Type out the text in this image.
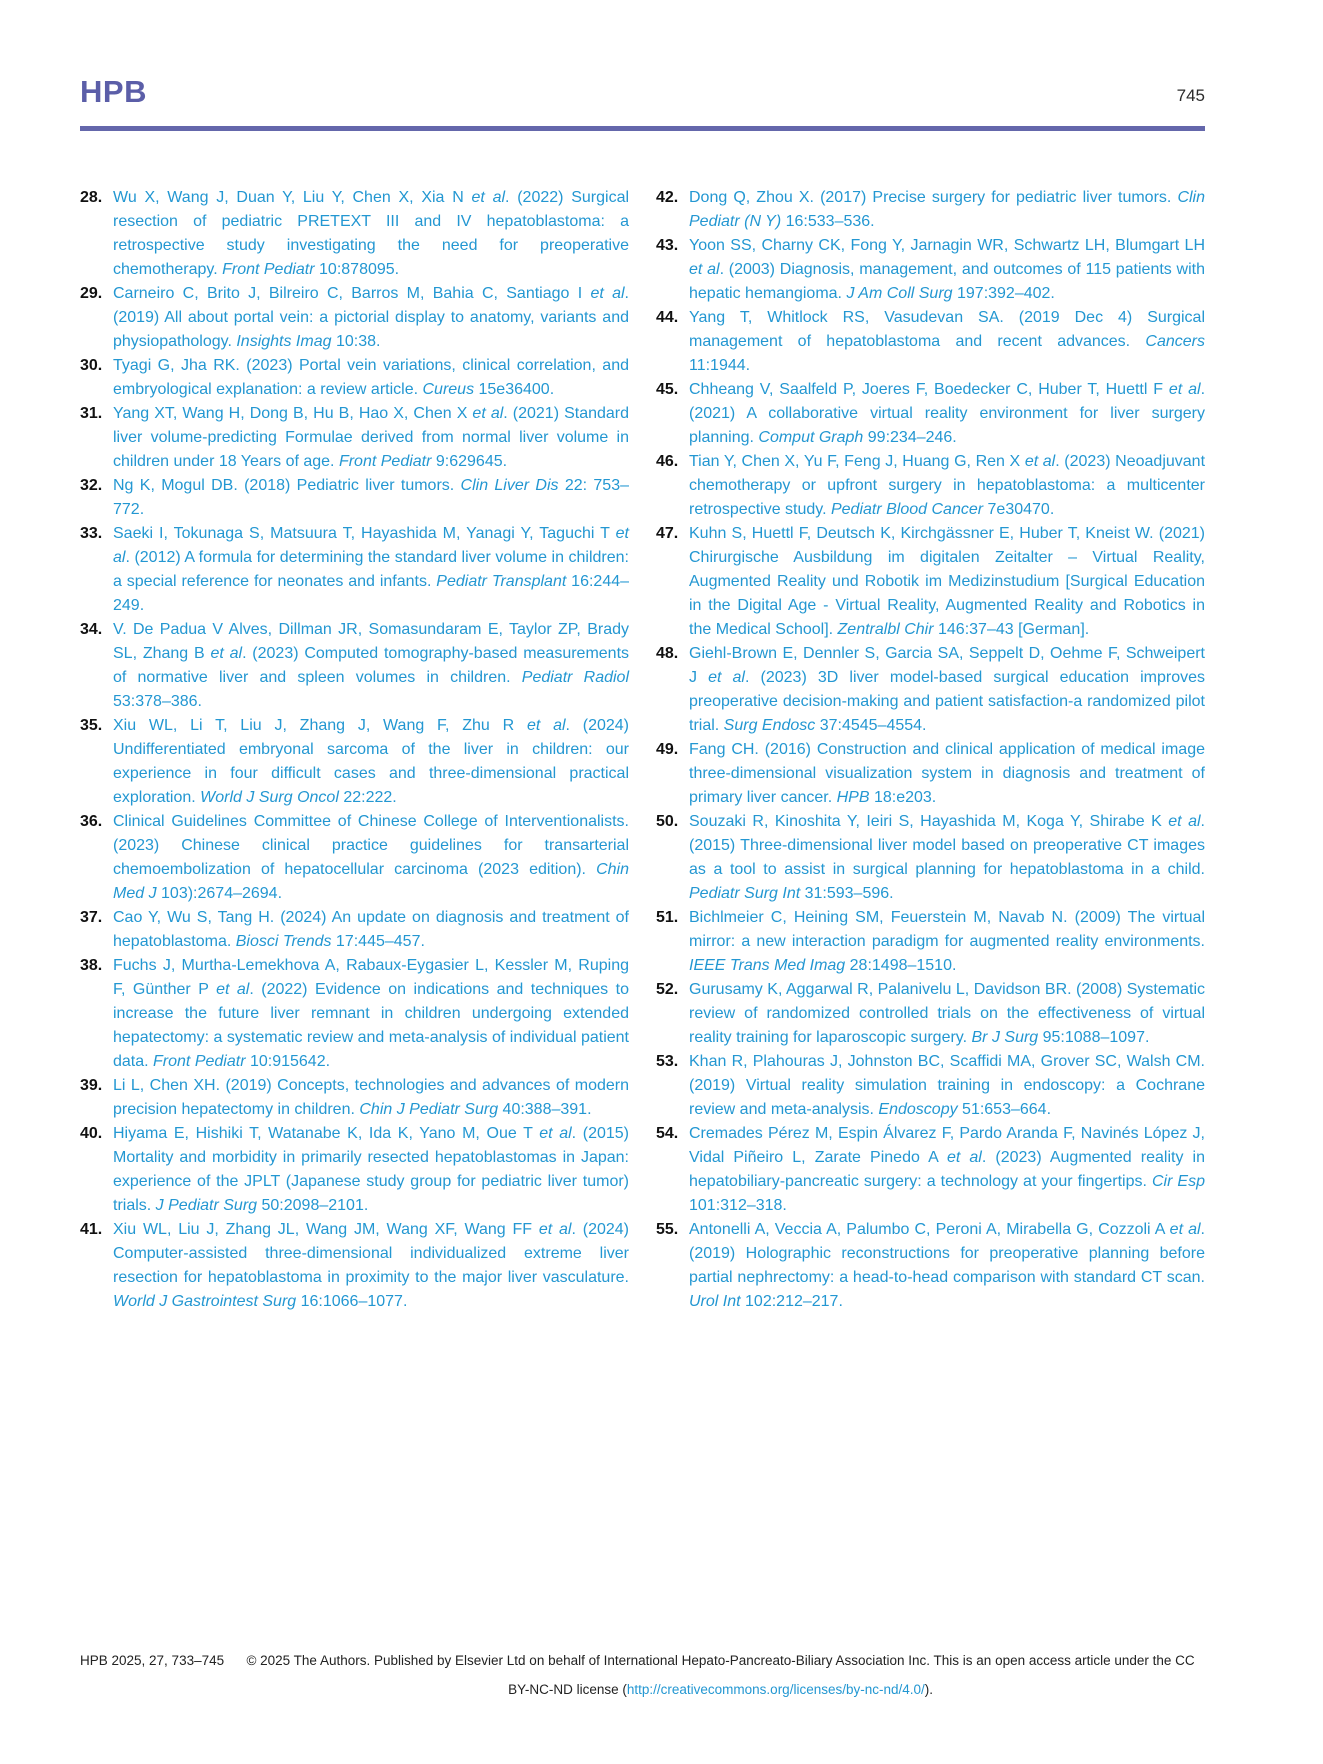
HPB	745
28. Wu X, Wang J, Duan Y, Liu Y, Chen X, Xia N et al. (2022) Surgical resection of pediatric PRETEXT III and IV hepatoblastoma: a retrospective study investigating the need for preoperative chemotherapy. Front Pediatr 10:878095.
29. Carneiro C, Brito J, Bilreiro C, Barros M, Bahia C, Santiago I et al. (2019) All about portal vein: a pictorial display to anatomy, variants and physiopathology. Insights Imag 10:38.
30. Tyagi G, Jha RK. (2023) Portal vein variations, clinical correlation, and embryological explanation: a review article. Cureus 15e36400.
31. Yang XT, Wang H, Dong B, Hu B, Hao X, Chen X et al. (2021) Standard liver volume-predicting Formulae derived from normal liver volume in children under 18 Years of age. Front Pediatr 9:629645.
32. Ng K, Mogul DB. (2018) Pediatric liver tumors. Clin Liver Dis 22: 753–772.
33. Saeki I, Tokunaga S, Matsuura T, Hayashida M, Yanagi Y, Taguchi T et al. (2012) A formula for determining the standard liver volume in children: a special reference for neonates and infants. Pediatr Transplant 16:244–249.
34. V. De Padua V Alves, Dillman JR, Somasundaram E, Taylor ZP, Brady SL, Zhang B et al. (2023) Computed tomography-based measurements of normative liver and spleen volumes in children. Pediatr Radiol 53:378–386.
35. Xiu WL, Li T, Liu J, Zhang J, Wang F, Zhu R et al. (2024) Undifferentiated embryonal sarcoma of the liver in children: our experience in four difficult cases and three-dimensional practical exploration. World J Surg Oncol 22:222.
36. Clinical Guidelines Committee of Chinese College of Interventionalists. (2023) Chinese clinical practice guidelines for transarterial chemoembolization of hepatocellular carcinoma (2023 edition). Chin Med J 103):2674–2694.
37. Cao Y, Wu S, Tang H. (2024) An update on diagnosis and treatment of hepatoblastoma. Biosci Trends 17:445–457.
38. Fuchs J, Murtha-Lemekhova A, Rabaux-Eygasier L, Kessler M, Ruping F, Günther P et al. (2022) Evidence on indications and techniques to increase the future liver remnant in children undergoing extended hepatectomy: a systematic review and meta-analysis of individual patient data. Front Pediatr 10:915642.
39. Li L, Chen XH. (2019) Concepts, technologies and advances of modern precision hepatectomy in children. Chin J Pediatr Surg 40:388–391.
40. Hiyama E, Hishiki T, Watanabe K, Ida K, Yano M, Oue T et al. (2015) Mortality and morbidity in primarily resected hepatoblastomas in Japan: experience of the JPLT (Japanese study group for pediatric liver tumor) trials. J Pediatr Surg 50:2098–2101.
41. Xiu WL, Liu J, Zhang JL, Wang JM, Wang XF, Wang FF et al. (2024) Computer-assisted three-dimensional individualized extreme liver resection for hepatoblastoma in proximity to the major liver vasculature. World J Gastrointest Surg 16:1066–1077.
42. Dong Q, Zhou X. (2017) Precise surgery for pediatric liver tumors. Clin Pediatr (N Y) 16:533–536.
43. Yoon SS, Charny CK, Fong Y, Jarnagin WR, Schwartz LH, Blumgart LH et al. (2003) Diagnosis, management, and outcomes of 115 patients with hepatic hemangioma. J Am Coll Surg 197:392–402.
44. Yang T, Whitlock RS, Vasudevan SA. (2019 Dec 4) Surgical management of hepatoblastoma and recent advances. Cancers 11:1944.
45. Chheang V, Saalfeld P, Joeres F, Boedecker C, Huber T, Huettl F et al. (2021) A collaborative virtual reality environment for liver surgery planning. Comput Graph 99:234–246.
46. Tian Y, Chen X, Yu F, Feng J, Huang G, Ren X et al. (2023) Neoadjuvant chemotherapy or upfront surgery in hepatoblastoma: a multicenter retrospective study. Pediatr Blood Cancer 7e30470.
47. Kuhn S, Huettl F, Deutsch K, Kirchgässner E, Huber T, Kneist W. (2021) Chirurgische Ausbildung im digitalen Zeitalter – Virtual Reality, Augmented Reality und Robotik im Medizinstudium [Surgical Education in the Digital Age - Virtual Reality, Augmented Reality and Robotics in the Medical School]. Zentralbl Chir 146:37–43 [German].
48. Giehl-Brown E, Dennler S, Garcia SA, Seppelt D, Oehme F, Schweipert J et al. (2023) 3D liver model-based surgical education improves preoperative decision-making and patient satisfaction-a randomized pilot trial. Surg Endosc 37:4545–4554.
49. Fang CH. (2016) Construction and clinical application of medical image three-dimensional visualization system in diagnosis and treatment of primary liver cancer. HPB 18:e203.
50. Souzaki R, Kinoshita Y, Ieiri S, Hayashida M, Koga Y, Shirabe K et al. (2015) Three-dimensional liver model based on preoperative CT images as a tool to assist in surgical planning for hepatoblastoma in a child. Pediatr Surg Int 31:593–596.
51. Bichlmeier C, Heining SM, Feuerstein M, Navab N. (2009) The virtual mirror: a new interaction paradigm for augmented reality environments. IEEE Trans Med Imag 28:1498–1510.
52. Gurusamy K, Aggarwal R, Palanivelu L, Davidson BR. (2008) Systematic review of randomized controlled trials on the effectiveness of virtual reality training for laparoscopic surgery. Br J Surg 95:1088–1097.
53. Khan R, Plahouras J, Johnston BC, Scaffidi MA, Grover SC, Walsh CM. (2019) Virtual reality simulation training in endoscopy: a Cochrane review and meta-analysis. Endoscopy 51:653–664.
54. Cremades Pérez M, Espin Álvarez F, Pardo Aranda F, Navinés López J, Vidal Piñeiro L, Zarate Pinedo A et al. (2023) Augmented reality in hepatobiliary-pancreatic surgery: a technology at your fingertips. Cir Esp 101:312–318.
55. Antonelli A, Veccia A, Palumbo C, Peroni A, Mirabella G, Cozzoli A et al. (2019) Holographic reconstructions for preoperative planning before partial nephrectomy: a head-to-head comparison with standard CT scan. Urol Int 102:212–217.
HPB 2025, 27, 733–745	© 2025 The Authors. Published by Elsevier Ltd on behalf of International Hepato-Pancreato-Biliary Association Inc. This is an open access article under the CC BY-NC-ND license (http://creativecommons.org/licenses/by-nc-nd/4.0/).
